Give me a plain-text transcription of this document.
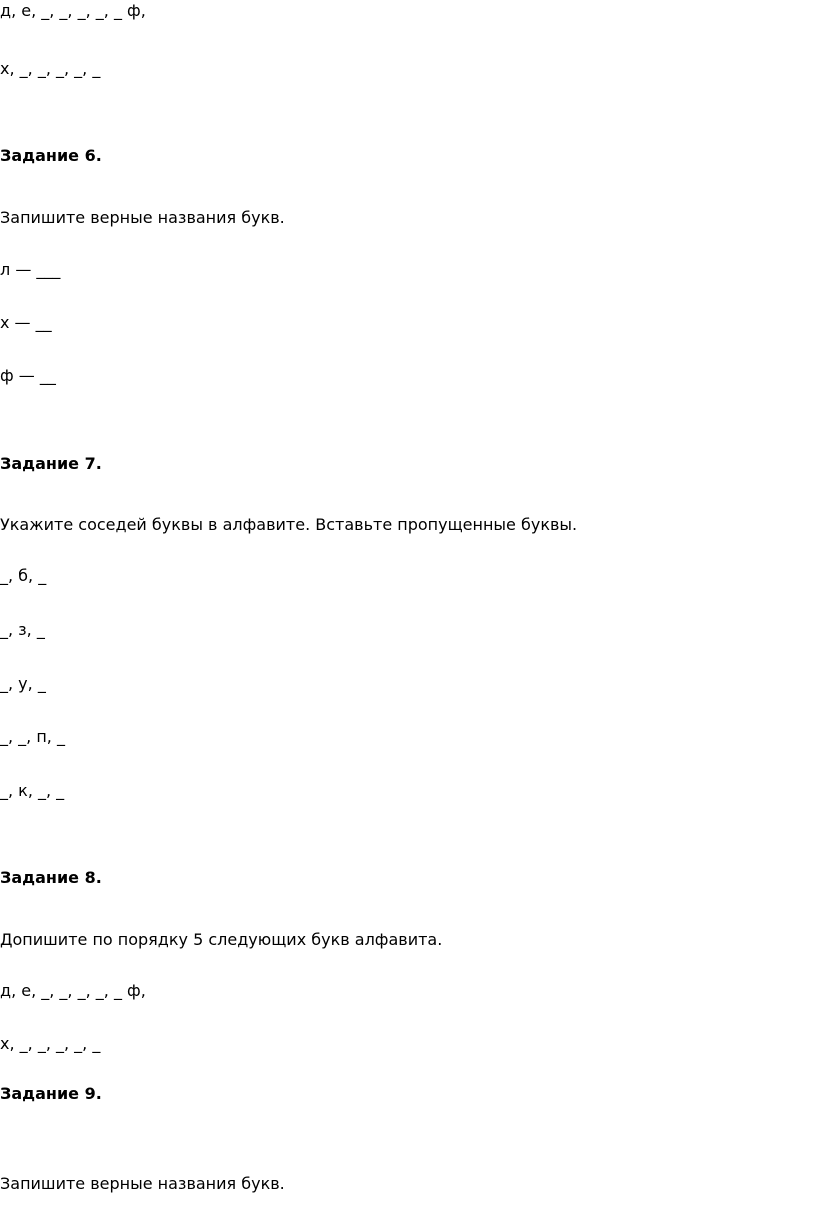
д, е, _, _, _, _, _ ф,

х, _, _, _, _, _

Задание 6.

Запишите верные названия букв.

л — ___

х — __

ф — __

Задание 7.

Укажите соседей буквы в алфавите. Вставьте пропущенные буквы.

_, б, _

_, з, _

_, у, _

_, _, п, _

_, к, _, _

Задание 8.

Допишите по порядку 5 следующих букв алфавита.

д, е, _, _, _, _, _ ф,

х, _, _, _, _, _

Задание 9.

Запишите верные названия букв.
